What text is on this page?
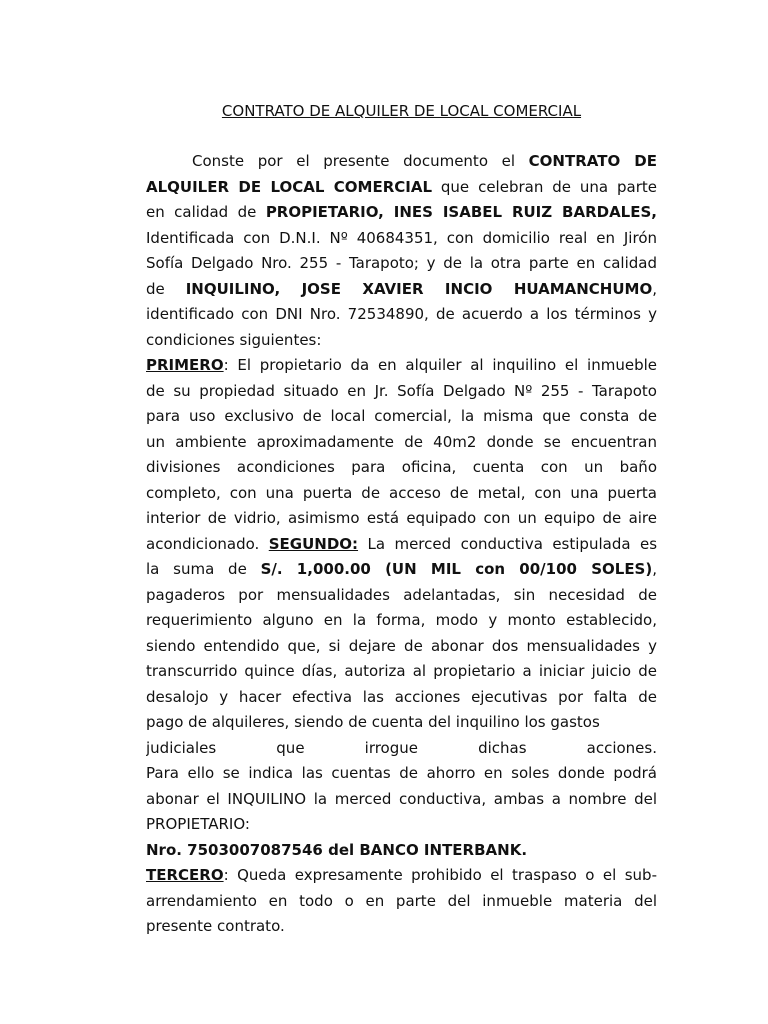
CONTRATO DE ALQUILER DE LOCAL COMERCIAL
Conste por el presente documento el CONTRATO DE
ALQUILER DE LOCAL COMERCIAL que celebran de una parte
en calidad de PROPIETARIO, INES ISABEL RUIZ BARDALES,
Identificada con D.N.I. Nº 40684351, con domicilio real en Jirón
Sofía Delgado Nro. 255 - Tarapoto; y de la otra parte en calidad
de INQUILINO, JOSE XAVIER INCIO HUAMANCHUMO,
identificado con DNI Nro. 72534890, de acuerdo a los términos y
condiciones siguientes:
PRIMERO: El propietario da en alquiler al inquilino el inmueble
de su propiedad situado en Jr. Sofía Delgado Nº 255 - Tarapoto
para uso exclusivo de local comercial, la misma que consta de
un ambiente aproximadamente de 40m2 donde se encuentran
divisiones acondiciones para oficina, cuenta con un baño
completo, con una puerta de acceso de metal, con una puerta
interior de vidrio, asimismo está equipado con un equipo de aire
acondicionado. SEGUNDO: La merced conductiva estipulada es
la suma de S/. 1,000.00 (UN MIL con 00/100 SOLES),
pagaderos por mensualidades adelantadas, sin necesidad de
requerimiento alguno en la forma, modo y monto establecido,
siendo entendido que, si dejare de abonar dos mensualidades y
transcurrido quince días, autoriza al propietario a iniciar juicio de
desalojo y hacer efectiva las acciones ejecutivas por falta de
pago de alquileres, siendo de cuenta del inquilino los gastos
judiciales que irrogue dichas acciones.
Para ello se indica las cuentas de ahorro en soles donde podrá
abonar el INQUILINO la merced conductiva, ambas a nombre del
PROPIETARIO:
Nro. 7503007087546 del BANCO INTERBANK.
TERCERO: Queda expresamente prohibido el traspaso o el sub-
arrendamiento en todo o en parte del inmueble materia del
presente contrato.
